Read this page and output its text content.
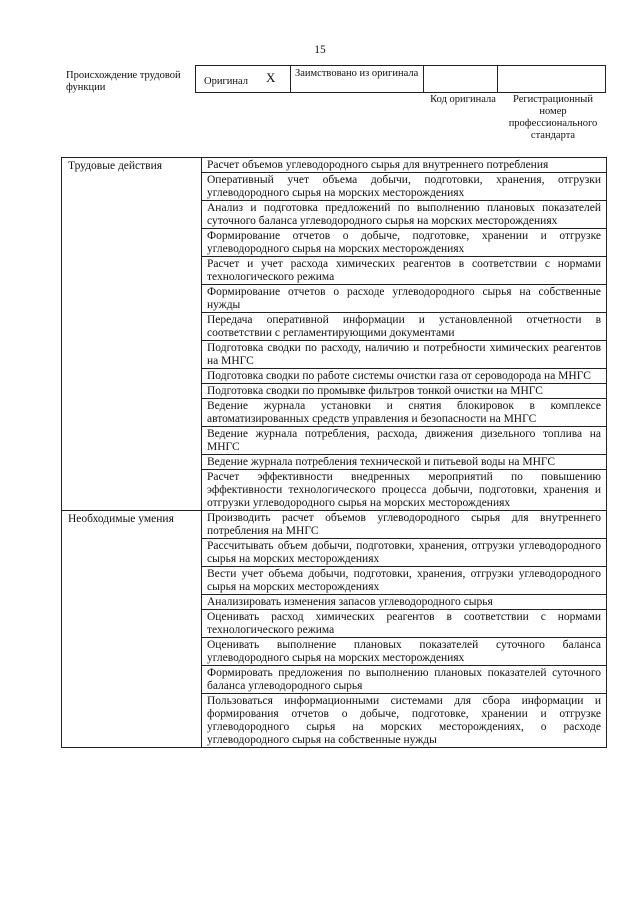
15
Происхождение трудовой функции
Оригинал X Заимствовано из оригинала
Код оригинала	Регистрационный номер профессионального стандарта
Трудовые действия	Расчет объемов углеводородного сырья для внутреннего потребления
	Оперативный учет объема добычи, подготовки, хранения, отгрузки углеводородного сырья на морских месторождениях
	Анализ и подготовка предложений по выполнению плановых показателей суточного баланса углеводородного сырья на морских месторождениях
	Формирование отчетов о добыче, подготовке, хранении и отгрузке углеводородного сырья на морских месторождениях
	Расчет и учет расхода химических реагентов в соответствии с нормами технологического режима
	Формирование отчетов о расходе углеводородного сырья на собственные нужды
	Передача оперативной информации и установленной отчетности в соответствии с регламентирующими документами
	Подготовка сводки по расходу, наличию и потребности химических реагентов на МНГС
	Подготовка сводки по работе системы очистки газа от сероводорода на МНГС
	Подготовка сводки по промывке фильтров тонкой очистки на МНГС
	Ведение журнала установки и снятия блокировок в комплексе автоматизированных средств управления и безопасности на МНГС
	Ведение журнала потребления, расхода, движения дизельного топлива на МНГС
	Ведение журнала потребления технической и питьевой воды на МНГС
	Расчет эффективности внедренных мероприятий по повышению эффективности технологического процесса добычи, подготовки, хранения и отгрузки углеводородного сырья на морских месторождениях
Необходимые умения	Производить расчет объемов углеводородного сырья для внутреннего потребления на МНГС
	Рассчитывать объем добычи, подготовки, хранения, отгрузки углеводородного сырья на морских месторождениях
	Вести учет объема добычи, подготовки, хранения, отгрузки углеводородного сырья на морских месторождениях
	Анализировать изменения запасов углеводородного сырья
	Оценивать расход химических реагентов в соответствии с нормами технологического режима
	Оценивать выполнение плановых показателей суточного баланса углеводородного сырья на морских месторождениях
	Формировать предложения по выполнению плановых показателей суточного баланса углеводородного сырья
	Пользоваться информационными системами для сбора информации и формирования отчетов о добыче, подготовке, хранении и отгрузке углеводородного сырья на морских месторождениях, о расходе углеводородного сырья на собственные нужды
